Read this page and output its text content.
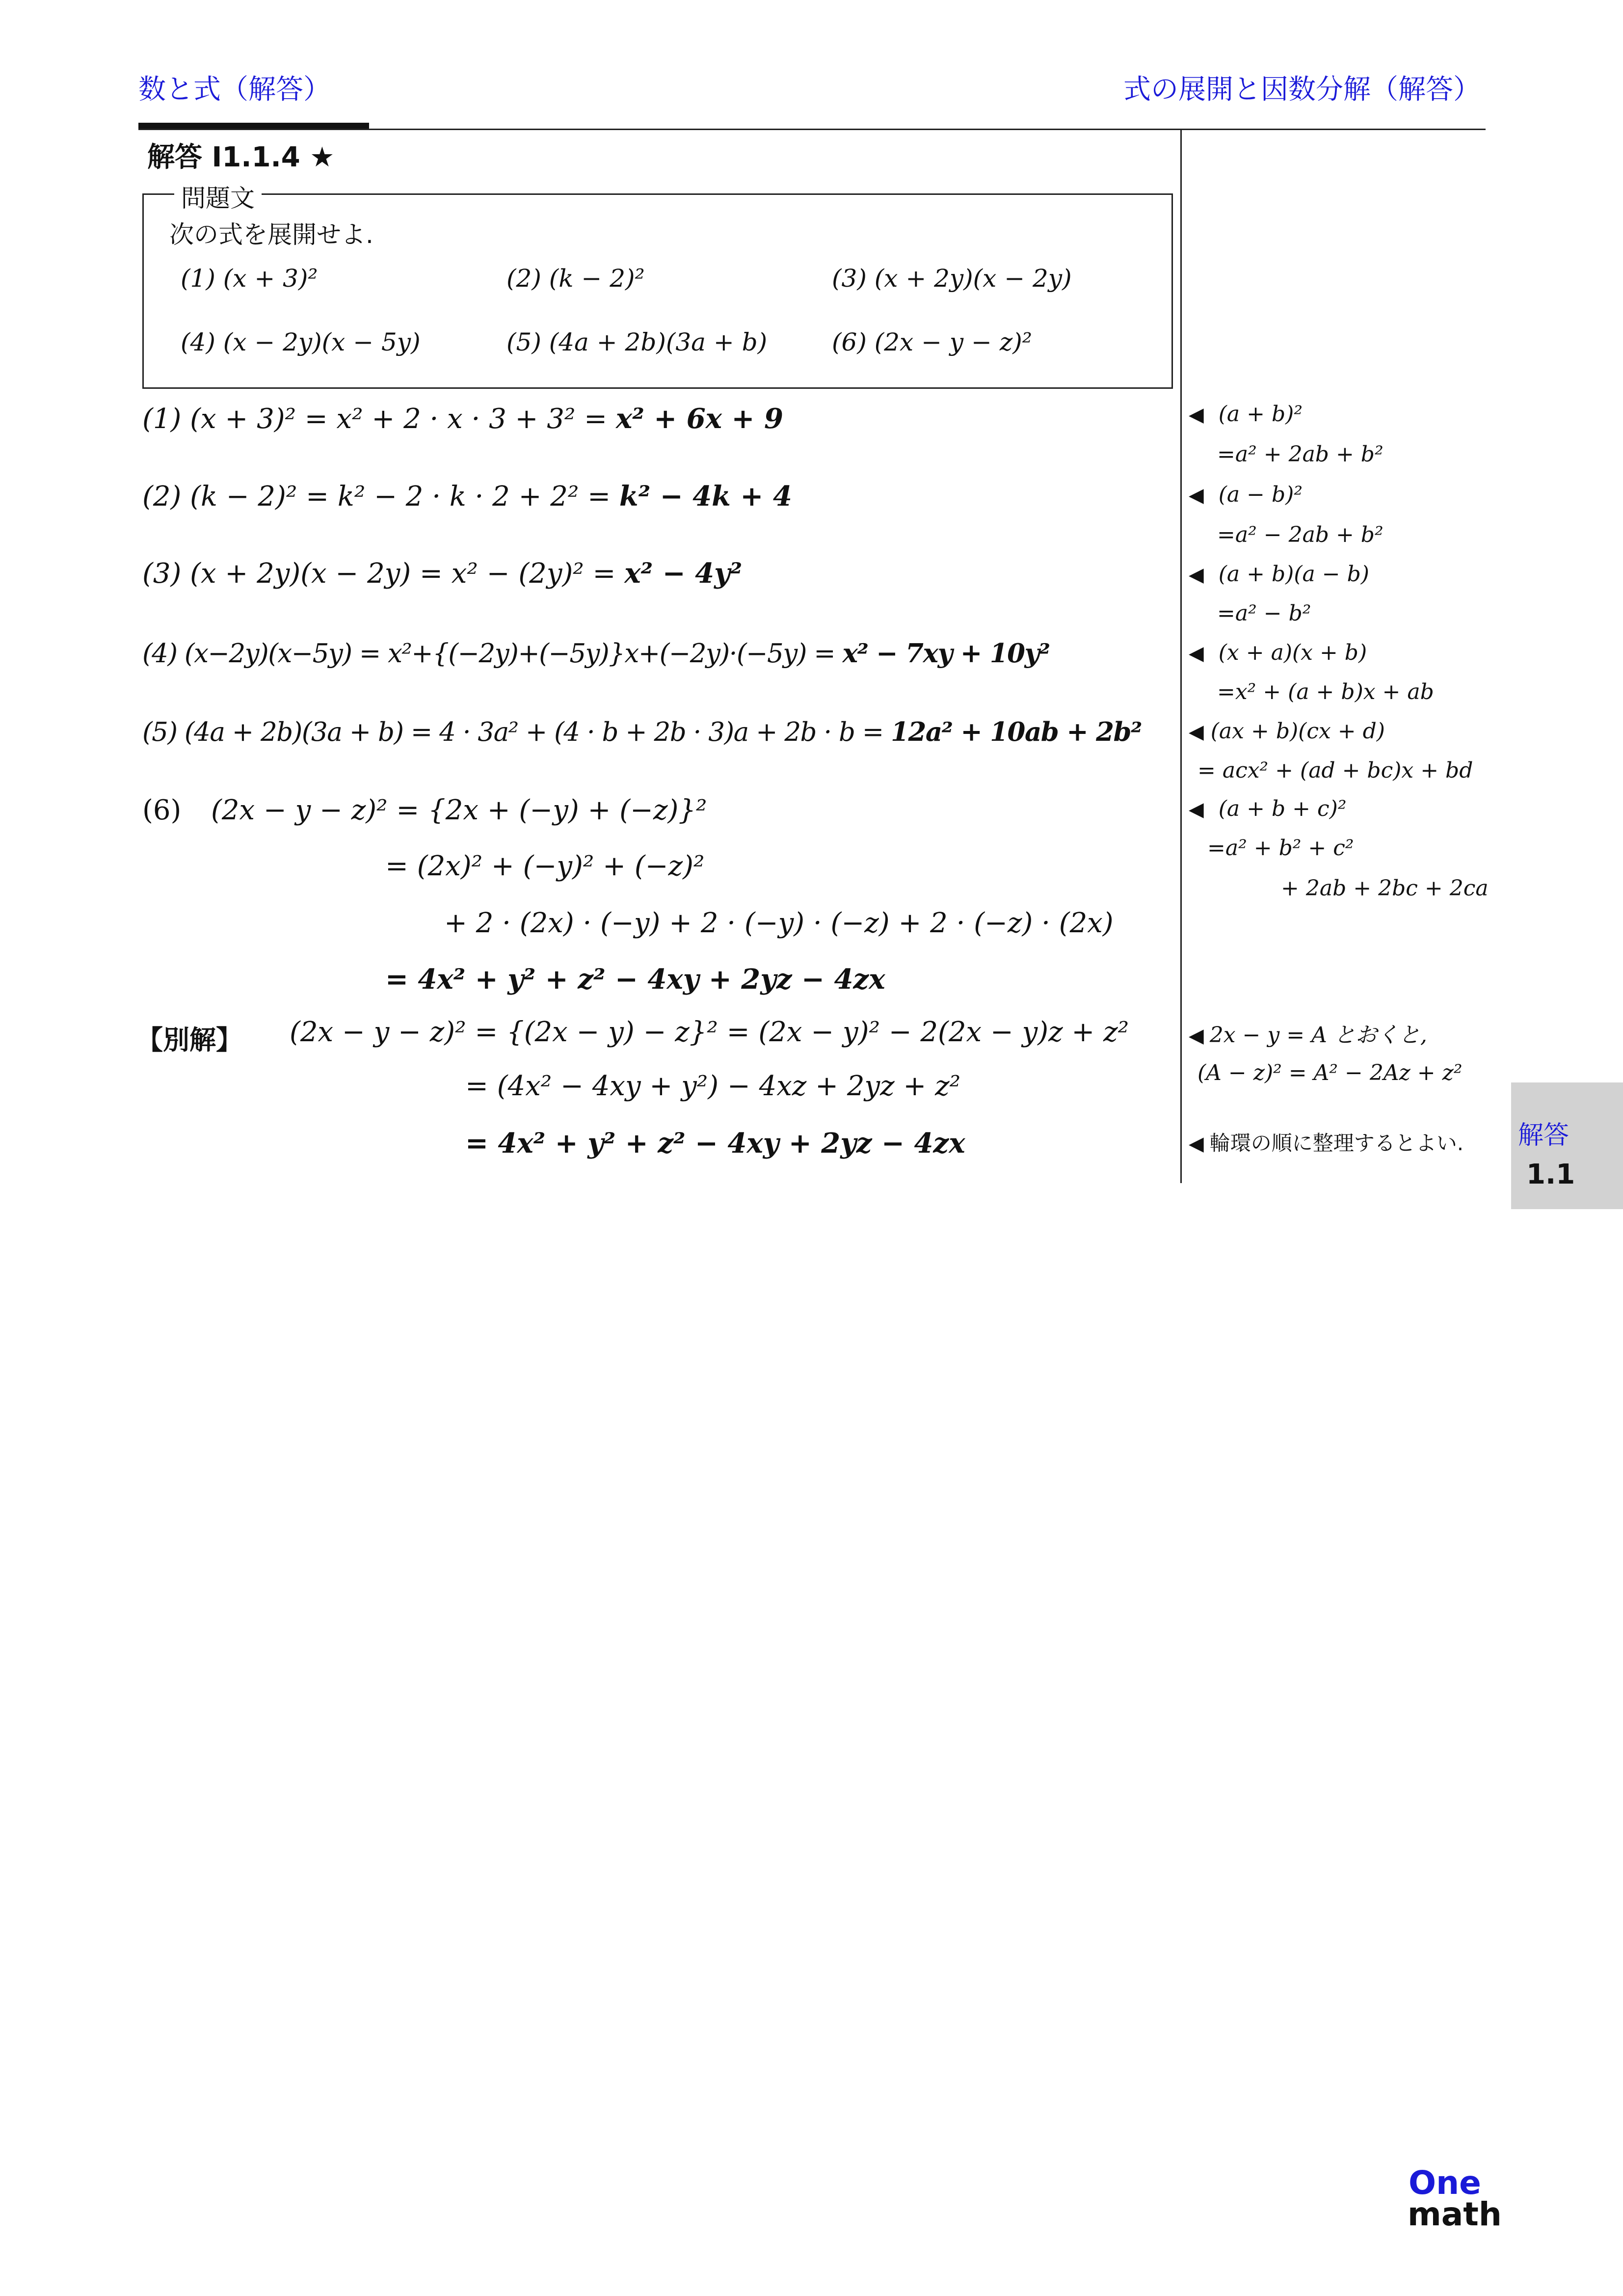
数と式（解答）	式の展開と因数分解（解答）
解答 I1.1.4 ★
問題文
次の式を展開せよ.
(1) (x + 3)²	(2) (k − 2)²	(3) (x + 2y)(x − 2y)
(4) (x − 2y)(x − 5y)	(5) (4a + 2b)(3a + b)	(6) (2x − y − z)²
(1) (x + 3)² = x² + 2 · x · 3 + 3² = x² + 6x + 9
(2) (k − 2)² = k² − 2 · k · 2 + 2² = k² − 4k + 4
(3) (x + 2y)(x − 2y) = x² − (2y)² = x² − 4y²
(4) (x−2y)(x−5y) = x²+{(−2y)+(−5y)}x+(−2y)·(−5y) = x² − 7xy + 10y²
(5) (4a + 2b)(3a + b) = 4 · 3a² + (4 · b + 2b · 3)a + 2b · b = 12a² + 10ab + 2b²
(6) (2x − y − z)² = {2x + (−y) + (−z)}²
= (2x)² + (−y)² + (−z)²
+ 2 · (2x) · (−y) + 2 · (−y) · (−z) + 2 · (−z) · (2x)
= 4x² + y² + z² − 4xy + 2yz − 4zx
【別解】 (2x − y − z)² = {(2x − y) − z}² = (2x − y)² − 2(2x − y)z + z²
= (4x² − 4xy + y²) − 4xz + 2yz + z²
= 4x² + y² + z² − 4xy + 2yz − 4zx
◀ (a + b)²
=a² + 2ab + b²
◀ (a − b)²
=a² − 2ab + b²
◀ (a + b)(a − b)
=a² − b²
◀ (x + a)(x + b)
=x² + (a + b)x + ab
◀ (ax + b)(cx + d)
= acx² + (ad + bc)x + bd
◀ (a + b + c)²
=a² + b² + c²
+ 2ab + 2bc + 2ca
◀ 2x − y = A とおくと,
(A − z)² = A² − 2Az + z²
◀ 輪環の順に整理するとよい. 解答
1.1
One
math
